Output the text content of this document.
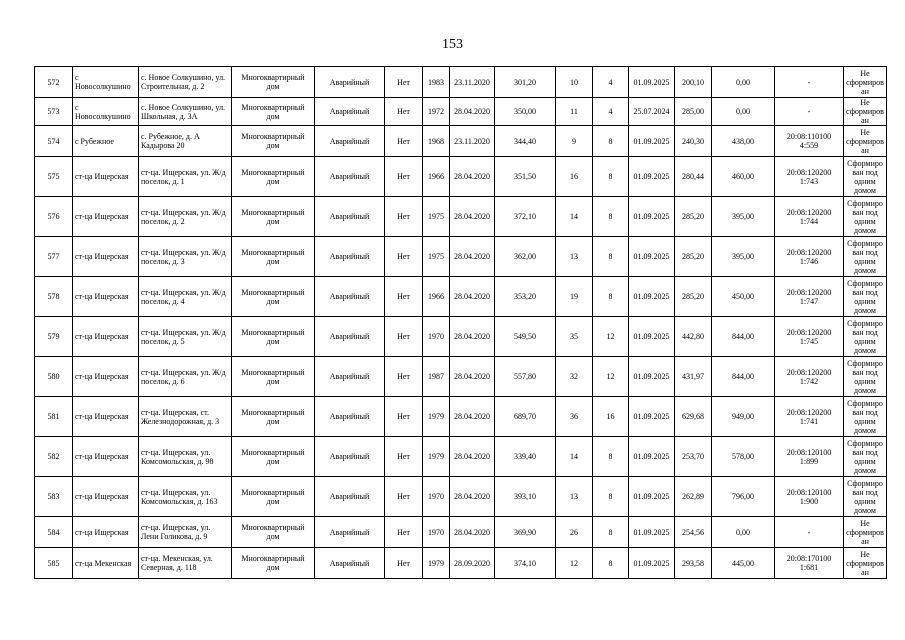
153
572	с Новосолкушино	с. Новое Солкушино, ул. Строительная, д. 2	Многоквартирный дом	Аварийный	Нет	1983	23.11.2020	301,20	10	4	01.09.2025	200,10	0,00	-	Не сформирован
573	с Новосолкушино	с. Новое Солкушино, ул. Школьная, д. 3А	Многоквартирный дом	Аварийный	Нет	1972	28.04.2020	350,00	11	4	25.07.2024	285,00	0,00	-	Не сформирован
574	с Рубежное	с. Рубежное, д. А Кадырова 20	Многоквартирный дом	Аварийный	Нет	1968	23.11.2020	344,40	9	8	01.09.2025	240,30	438,00	20:08:110100 4:559	Не сформирован
575	ст-ца Ищерская	ст-ца. Ищерская, ул. Ж/д поселок, д. 1	Многоквартирный дом	Аварийный	Нет	1966	28.04.2020	351,50	16	8	01.09.2025	280,44	460,00	20:08:120200 1:743	Сформирован под одним домом
576	ст-ца Ищерская	ст-ца. Ищерская, ул. Ж/д поселок, д. 2	Многоквартирный дом	Аварийный	Нет	1975	28.04.2020	372,10	14	8	01.09.2025	285,20	395,00	20:08:120200 1:744	Сформирован под одним домом
577	ст-ца Ищерская	ст-ца. Ищерская, ул. Ж/д поселок, д. 3	Многоквартирный дом	Аварийный	Нет	1975	28.04.2020	362,00	13	8	01.09.2025	285,20	395,00	20:08:120200 1:746	Сформирован под одним домом
578	ст-ца Ищерская	ст-ца. Ищерская, ул. Ж/д поселок, д. 4	Многоквартирный дом	Аварийный	Нет	1966	28.04.2020	353,20	19	8	01.09.2025	285,20	450,00	20:08:120200 1:747	Сформирован под одним домом
579	ст-ца Ищерская	ст-ца. Ищерская, ул. Ж/д поселок, д. 5	Многоквартирный дом	Аварийный	Нет	1970	28.04.2020	549,50	35	12	01.09.2025	442,80	844,00	20:08:120200 1:745	Сформирован под одним домом
580	ст-ца Ищерская	ст-ца. Ищерская, ул. Ж/д поселок, д. 6	Многоквартирный дом	Аварийный	Нет	1987	28.04.2020	557,80	32	12	01.09.2025	431,97	844,00	20:08:120200 1:742	Сформирован под одним домом
581	ст-ца Ищерская	ст-ца. Ищерская, ст. Железнодорожная, д. 3	Многоквартирный дом	Аварийный	Нет	1979	28.04.2020	689,70	36	16	01.09.2025	629,68	949,00	20:08:120200 1:741	Сформирован под одним домом
582	ст-ца Ищерская	ст-ца. Ищерская, ул. Комсомольская, д. 98	Многоквартирный дом	Аварийный	Нет	1979	28.04.2020	339,40	14	8	01.09.2025	253,70	578,00	20:08:120100 1:899	Сформирован под одним домом
583	ст-ца Ищерская	ст-ца. Ищерская, ул. Комсомольская, д. 163	Многоквартирный дом	Аварийный	Нет	1970	28.04.2020	393,10	13	8	01.09.2025	262,89	796,00	20:08:120100 1:900	Сформирован под одним домом
584	ст-ца Ищерская	ст-ца. Ищерская, ул. Лени Голикова, д. 9	Многоквартирный дом	Аварийный	Нет	1970	28.04.2020	369,90	26	8	01.09.2025	254,56	0,00	-	Не сформирован
585	ст-ца Мекенская	ст-ца. Мекенская, ул. Северная, д. 118	Многоквартирный дом	Аварийный	Нет	1979	28.09.2020	374,10	12	8	01.09.2025	293,58	445,00	20:08:170100 1:681	Не сформирован
